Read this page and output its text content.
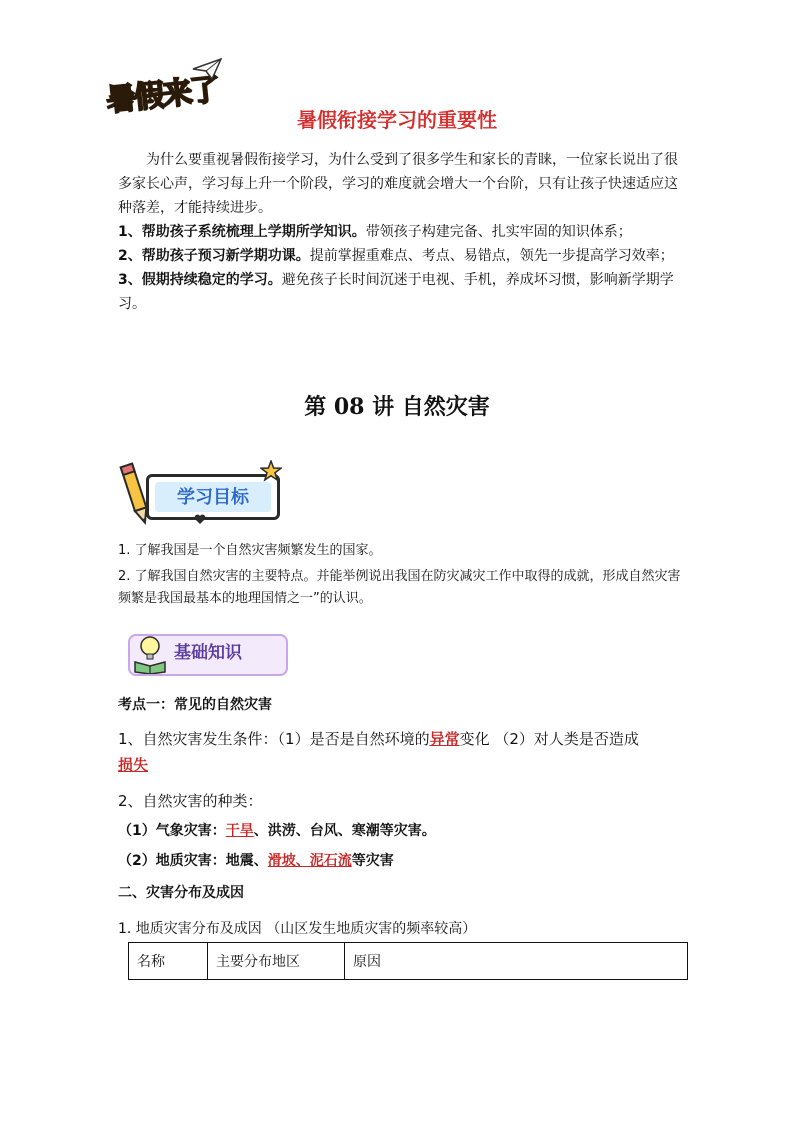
暑假来了
暑假衔接学习的重要性

为什么要重视暑假衔接学习，为什么受到了很多学生和家长的青睐，一位家长说出了很多家长心声，学习每上升一个阶段，学习的难度就会增大一个台阶，只有让孩子快速适应这种落差，才能持续进步。

1、帮助孩子系统梳理上学期所学知识。带领孩子构建完备、扎实牢固的知识体系；

2、帮助孩子预习新学期功课。提前掌握重难点、考点、易错点，领先一步提高学习效率；

3、假期持续稳定的学习。避免孩子长时间沉迷于电视、手机，养成坏习惯，影响新学期学习。

第 08 讲 自然灾害
学习目标
1. 了解我国是一个自然灾害频繁发生的国家。
2. 了解我国自然灾害的主要特点。并能举例说出我国在防灾减灾工作中取得的成就，形成自然灾害频繁是我国最基本的地理国情之一”的认识。
基础知识
考点一：常见的自然灾害
1、自然灾害发生条件：（1）是否是自然环境的异常变化 （2）对人类是否造成
损失
2、自然灾害的种类：
（1）气象灾害：干旱、洪涝、台风、寒潮等灾害。
（2）地质灾害：地震、滑坡、泥石流等灾害
二、灾害分布及成因
1. 地质灾害分布及成因 （山区发生地质灾害的频率较高）
名称	主要分布地区	原因
